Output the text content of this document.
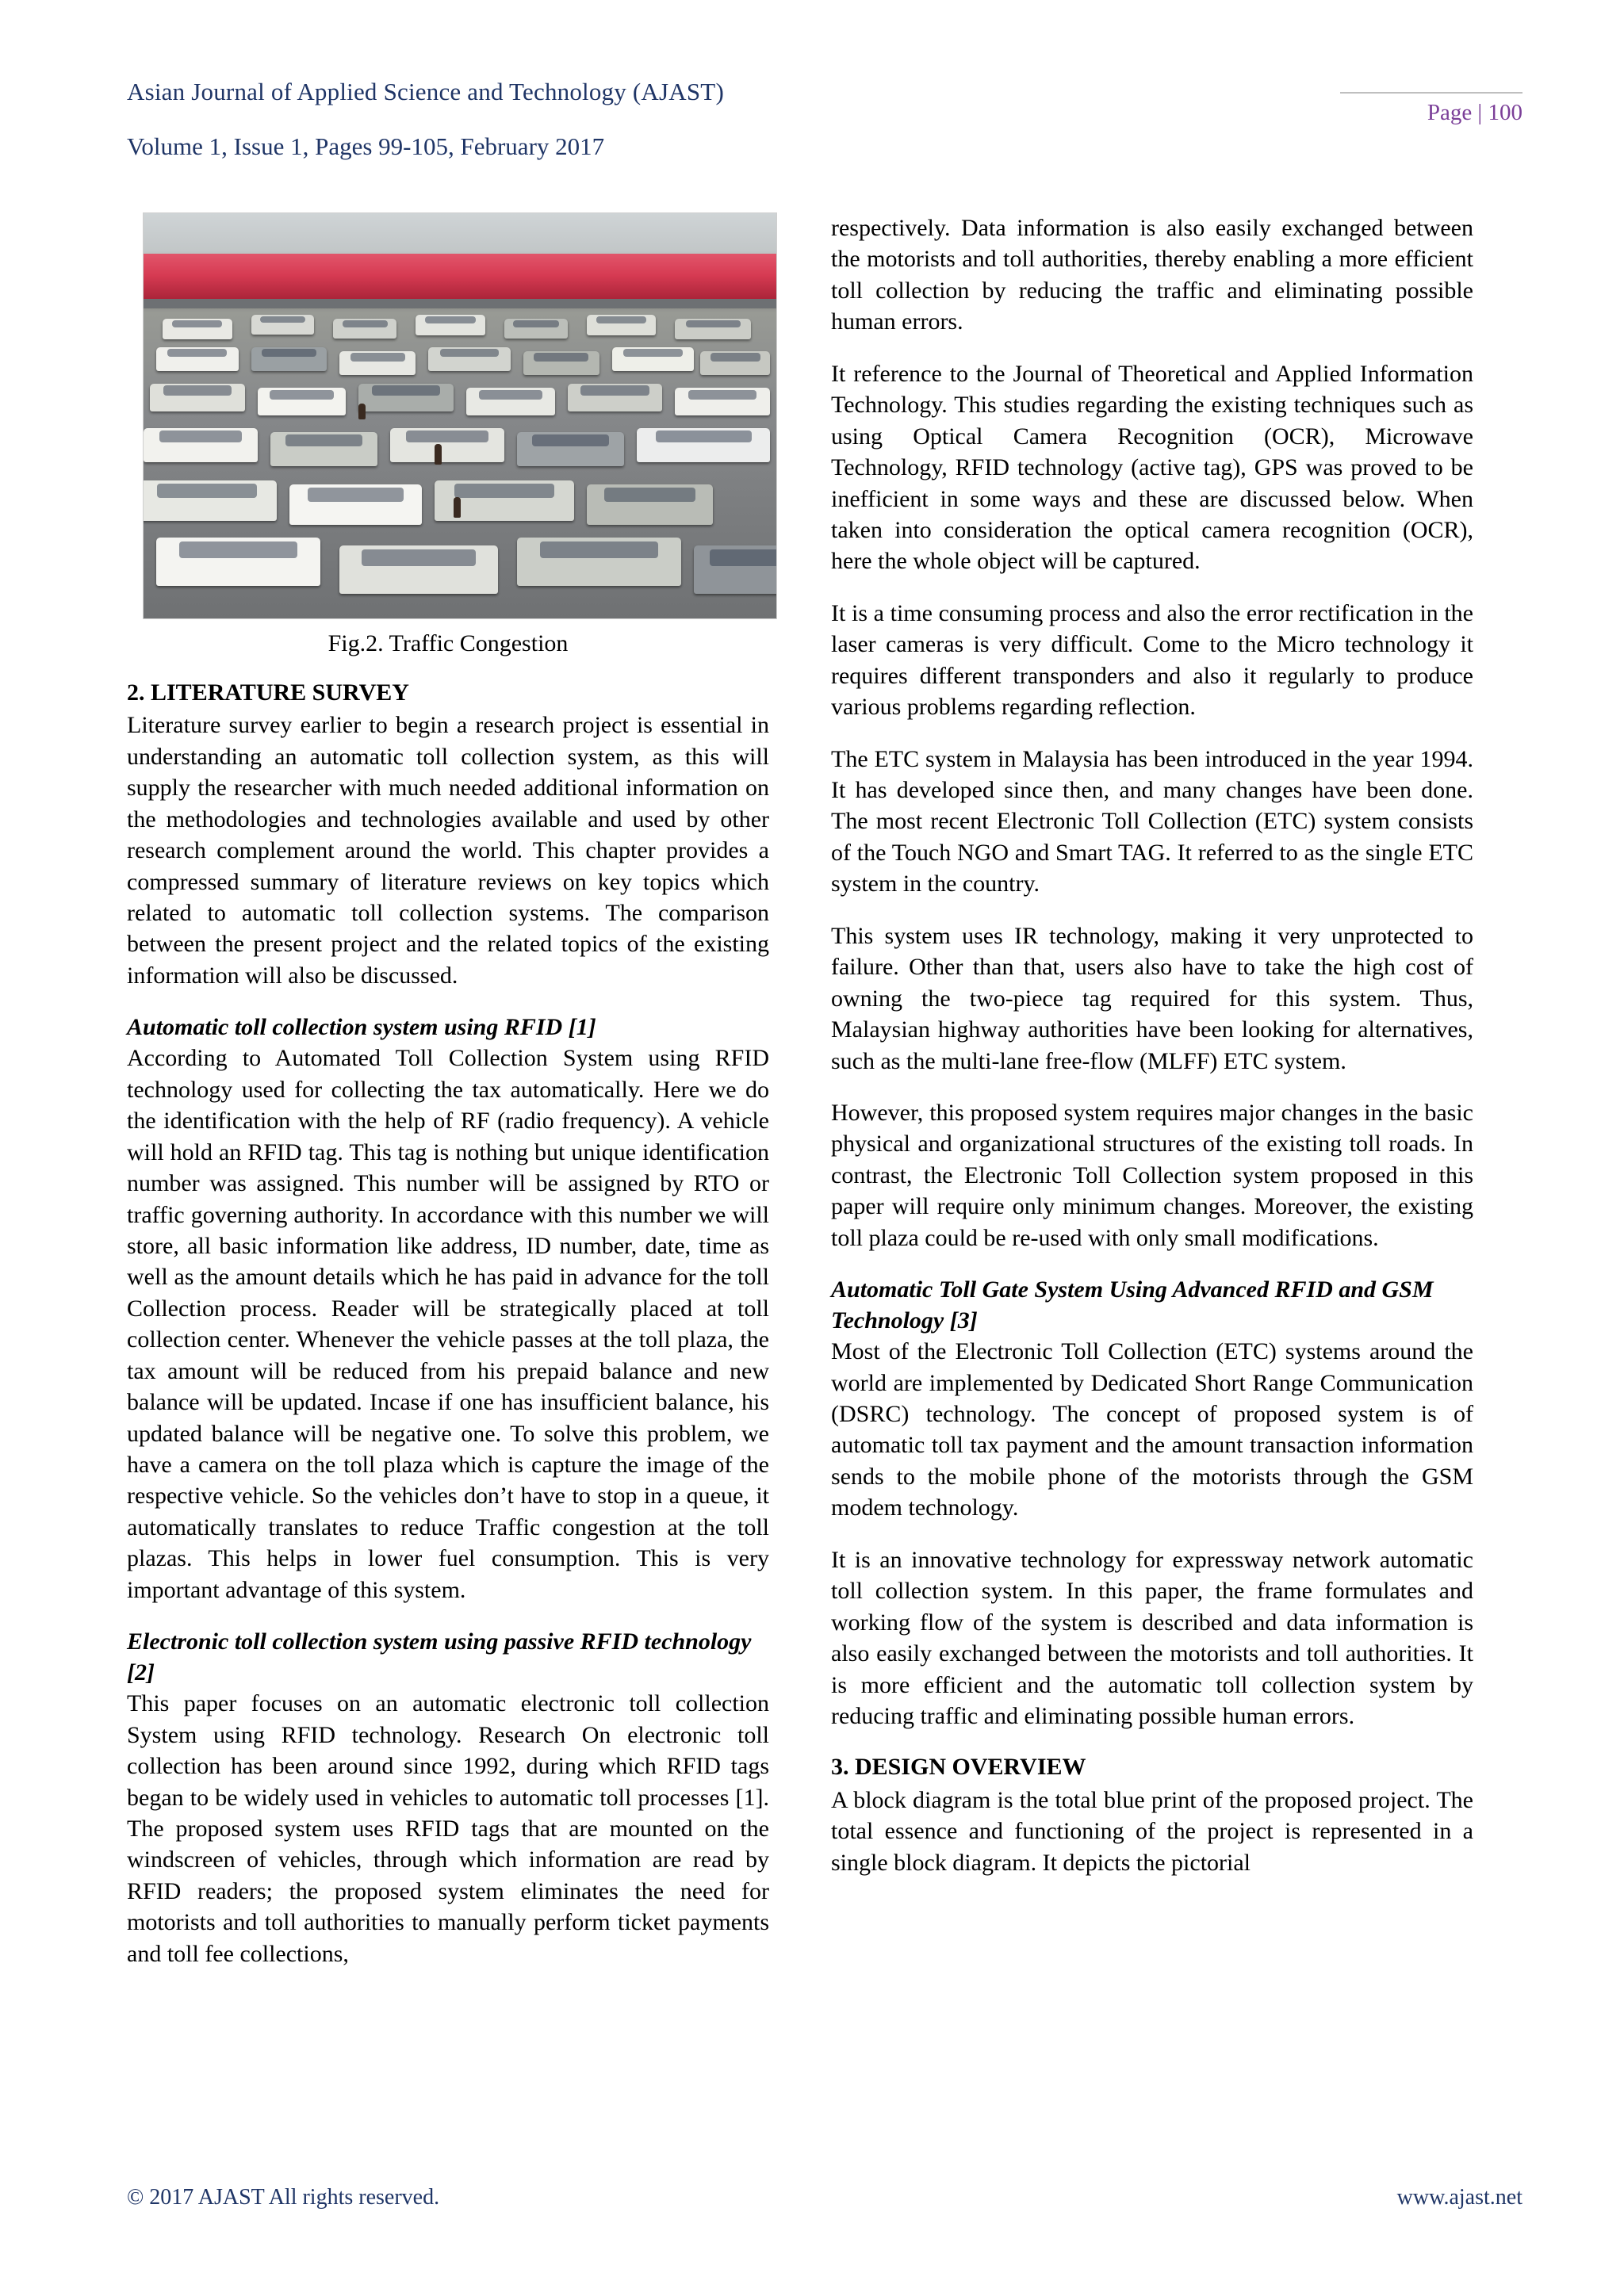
Asian Journal of Applied Science and Technology (AJAST)
Volume 1, Issue 1, Pages 99-105, February 2017
Page | 100
Fig.2. Traffic Congestion
2. LITERATURE SURVEY

Literature survey earlier to begin a research project is essential in understanding an automatic toll collection system, as this will supply the researcher with much needed additional information on the methodologies and technologies available and used by other research complement around the world. This chapter provides a compressed summary of literature reviews on key topics which related to automatic toll collection systems. The comparison between the present project and the related topics of the existing information will also be discussed.

Automatic toll collection system using RFID [1]

According to Automated Toll Collection System using RFID technology used for collecting the tax automatically. Here we do the identification with the help of RF (radio frequency). A vehicle will hold an RFID tag. This tag is nothing but unique identification number was assigned. This number will be assigned by RTO or traffic governing authority. In accordance with this number we will store, all basic information like address, ID number, date, time as well as the amount details which he has paid in advance for the toll Collection process. Reader will be strategically placed at toll collection center. Whenever the vehicle passes at the toll plaza, the tax amount will be reduced from his prepaid balance and new balance will be updated. Incase if one has insufficient balance, his updated balance will be negative one. To solve this problem, we have a camera on the toll plaza which is capture the image of the respective vehicle. So the vehicles don’t have to stop in a queue, it automatically translates to reduce Traffic congestion at the toll plazas. This helps in lower fuel consumption. This is very important advantage of this system.

Electronic toll collection system using passive RFID technology [2]

This paper focuses on an automatic electronic toll collection System using RFID technology. Research On electronic toll collection has been around since 1992, during which RFID tags began to be widely used in vehicles to automatic toll processes [1]. The proposed system uses RFID tags that are mounted on the windscreen of vehicles, through which information are read by RFID readers; the proposed system eliminates the need for motorists and toll authorities to manually perform ticket payments and toll fee collections,

respectively. Data information is also easily exchanged between the motorists and toll authorities, thereby enabling a more efficient toll collection by reducing the traffic and eliminating possible human errors.

It reference to the Journal of Theoretical and Applied Information Technology. This studies regarding the existing techniques such as using Optical Camera Recognition (OCR), Microwave Technology, RFID technology (active tag), GPS was proved to be inefficient in some ways and these are discussed below. When taken into consideration the optical camera recognition (OCR), here the whole object will be captured.

It is a time consuming process and also the error rectification in the laser cameras is very difficult. Come to the Micro technology it requires different transponders and also it regularly to produce various problems regarding reflection.

The ETC system in Malaysia has been introduced in the year 1994. It has developed since then, and many changes have been done. The most recent Electronic Toll Collection (ETC) system consists of the Touch NGO and Smart TAG. It referred to as the single ETC system in the country.

This system uses IR technology, making it very unprotected to failure. Other than that, users also have to take the high cost of owning the two-piece tag required for this system. Thus, Malaysian highway authorities have been looking for alternatives, such as the multi-lane free-flow (MLFF) ETC system.

However, this proposed system requires major changes in the basic physical and organizational structures of the existing toll roads. In contrast, the Electronic Toll Collection system proposed in this paper will require only minimum changes. Moreover, the existing toll plaza could be re-used with only small modifications.

Automatic Toll Gate System Using Advanced RFID and GSM Technology [3]

Most of the Electronic Toll Collection (ETC) systems around the world are implemented by Dedicated Short Range Communication (DSRC) technology. The concept of proposed system is of automatic toll tax payment and the amount transaction information sends to the mobile phone of the motorists through the GSM modem technology.

It is an innovative technology for expressway network automatic toll collection system. In this paper, the frame formulates and working flow of the system is described and data information is also easily exchanged between the motorists and toll authorities. It is more efficient and the automatic toll collection system by reducing traffic and eliminating possible human errors.

3. DESIGN OVERVIEW

A block diagram is the total blue print of the proposed project. The total essence and functioning of the project is represented in a single block diagram. It depicts the pictorial

© 2017 AJAST All rights reserved.	www.ajast.net
